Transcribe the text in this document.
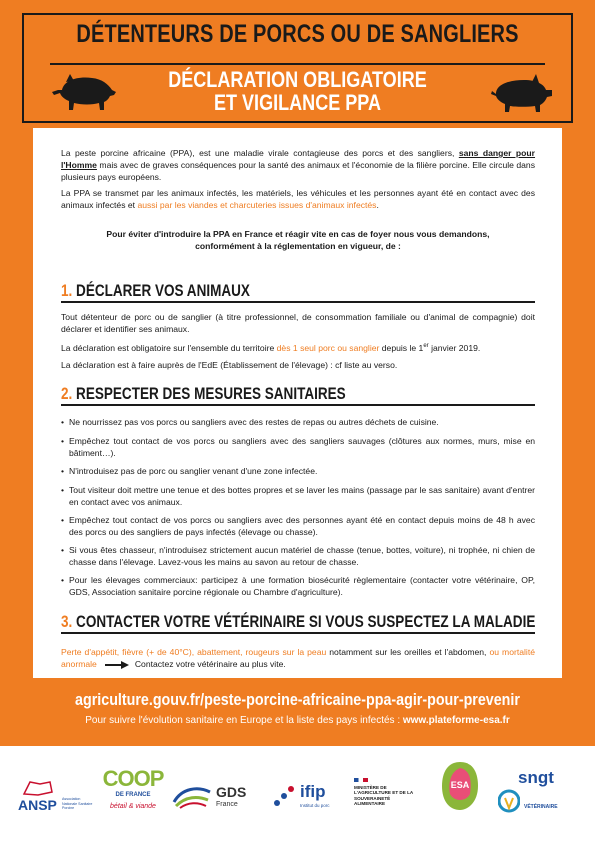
DÉTENTEURS DE PORCS OU DE SANGLIERS
DÉCLARATION OBLIGATOIRE
ET VIGILANCE PPA
La peste porcine africaine (PPA), est une maladie virale contagieuse des porcs et des sangliers, sans danger pour l'Homme mais avec de graves conséquences pour la santé des animaux et l'économie de la filière porcine. Elle circule dans plusieurs pays européens.
La PPA se transmet par les animaux infectés, les matériels, les véhicules et les personnes ayant été en contact avec des animaux infectés et aussi par les viandes et charcuteries issues d'animaux infectés.
Pour éviter d'introduire la PPA en France et réagir vite en cas de foyer nous vous demandons,
conformément à la réglementation en vigueur, de :
1. DÉCLARER VOS ANIMAUX
Tout détenteur de porc ou de sanglier (à titre professionnel, de consommation familiale ou d'animal de compagnie) doit déclarer et identifier ses animaux.
La déclaration est obligatoire sur l'ensemble du territoire dès 1 seul porc ou sanglier depuis le 1er janvier 2019.
La déclaration est à faire auprès de l'EdE (Établissement de l'élevage) : cf liste au verso.
2. RESPECTER DES MESURES SANITAIRES
• Ne nourrissez pas vos porcs ou sangliers avec des restes de repas ou autres déchets de cuisine.
• Empêchez tout contact de vos porcs ou sangliers avec des sangliers sauvages (clôtures aux normes, murs, mise en bâtiment…).
• N'introduisez pas de porc ou sanglier venant d'une zone infectée.
• Tout visiteur doit mettre une tenue et des bottes propres et se laver les mains (passage par le sas sanitaire) avant d'entrer en contact avec vos animaux.
• Empêchez tout contact de vos porcs ou sangliers avec des personnes ayant été en contact depuis moins de 48 h avec des porcs ou des sangliers de pays infectés (élevage ou chasse).
• Si vous êtes chasseur, n'introduisez strictement aucun matériel de chasse (tenue, bottes, voiture), ni trophée, ni chien de chasse dans l'élevage. Lavez-vous les mains au savon au retour de chasse.
• Pour les élevages commerciaux: participez à une formation biosécurité règlementaire (contacter votre vétérinaire, OP, GDS, Association sanitaire porcine régionale ou Chambre d'agriculture).
3. CONTACTER VOTRE VÉTÉRINAIRE SI VOUS SUSPECTEZ LA MALADIE
Perte d'appétit, fièvre (+ de 40°C), abattement, rougeurs sur la peau notamment sur les oreilles et l'abdomen, ou mortalité anormale	Contactez votre vétérinaire au plus vite.
agriculture.gouv.fr/peste-porcine-africaine-ppa-agir-pour-prevenir
Pour suivre l'évolution sanitaire en Europe et la liste des pays infectés : www.plateforme-esa.fr
ANSP Association Nationale Sanitaire Porcine
COOP
DE FRANCE
bétail & viande
GDS
France
ifip
Institut du porc
MINISTÈRE DE L'AGRICULTURE ET DE LA SOUVERAINETÉ ALIMENTAIRE
ESA	sngt
VÉTÉRINAIRE
